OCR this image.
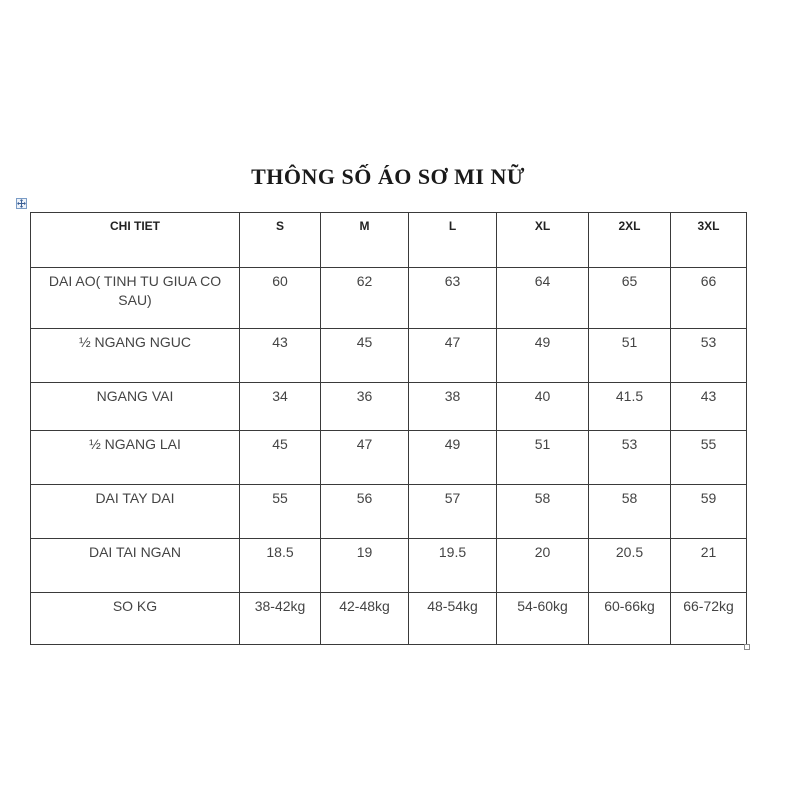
THÔNG SỐ ÁO SƠ MI NỮ
CHI TIET	S	M	L	XL	2XL	3XL
DAI AO( TINH TU GIUA CO SAU)	60	62	63	64	65	66
½ NGANG NGUC	43	45	47	49	51	53
NGANG VAI	34	36	38	40	41.5	43
½ NGANG LAI	45	47	49	51	53	55
DAI TAY DAI	55	56	57	58	58	59
DAI TAI NGAN	18.5	19	19.5	20	20.5	21
SO KG	38-42kg	42-48kg	48-54kg	54-60kg	60-66kg	66-72kg
